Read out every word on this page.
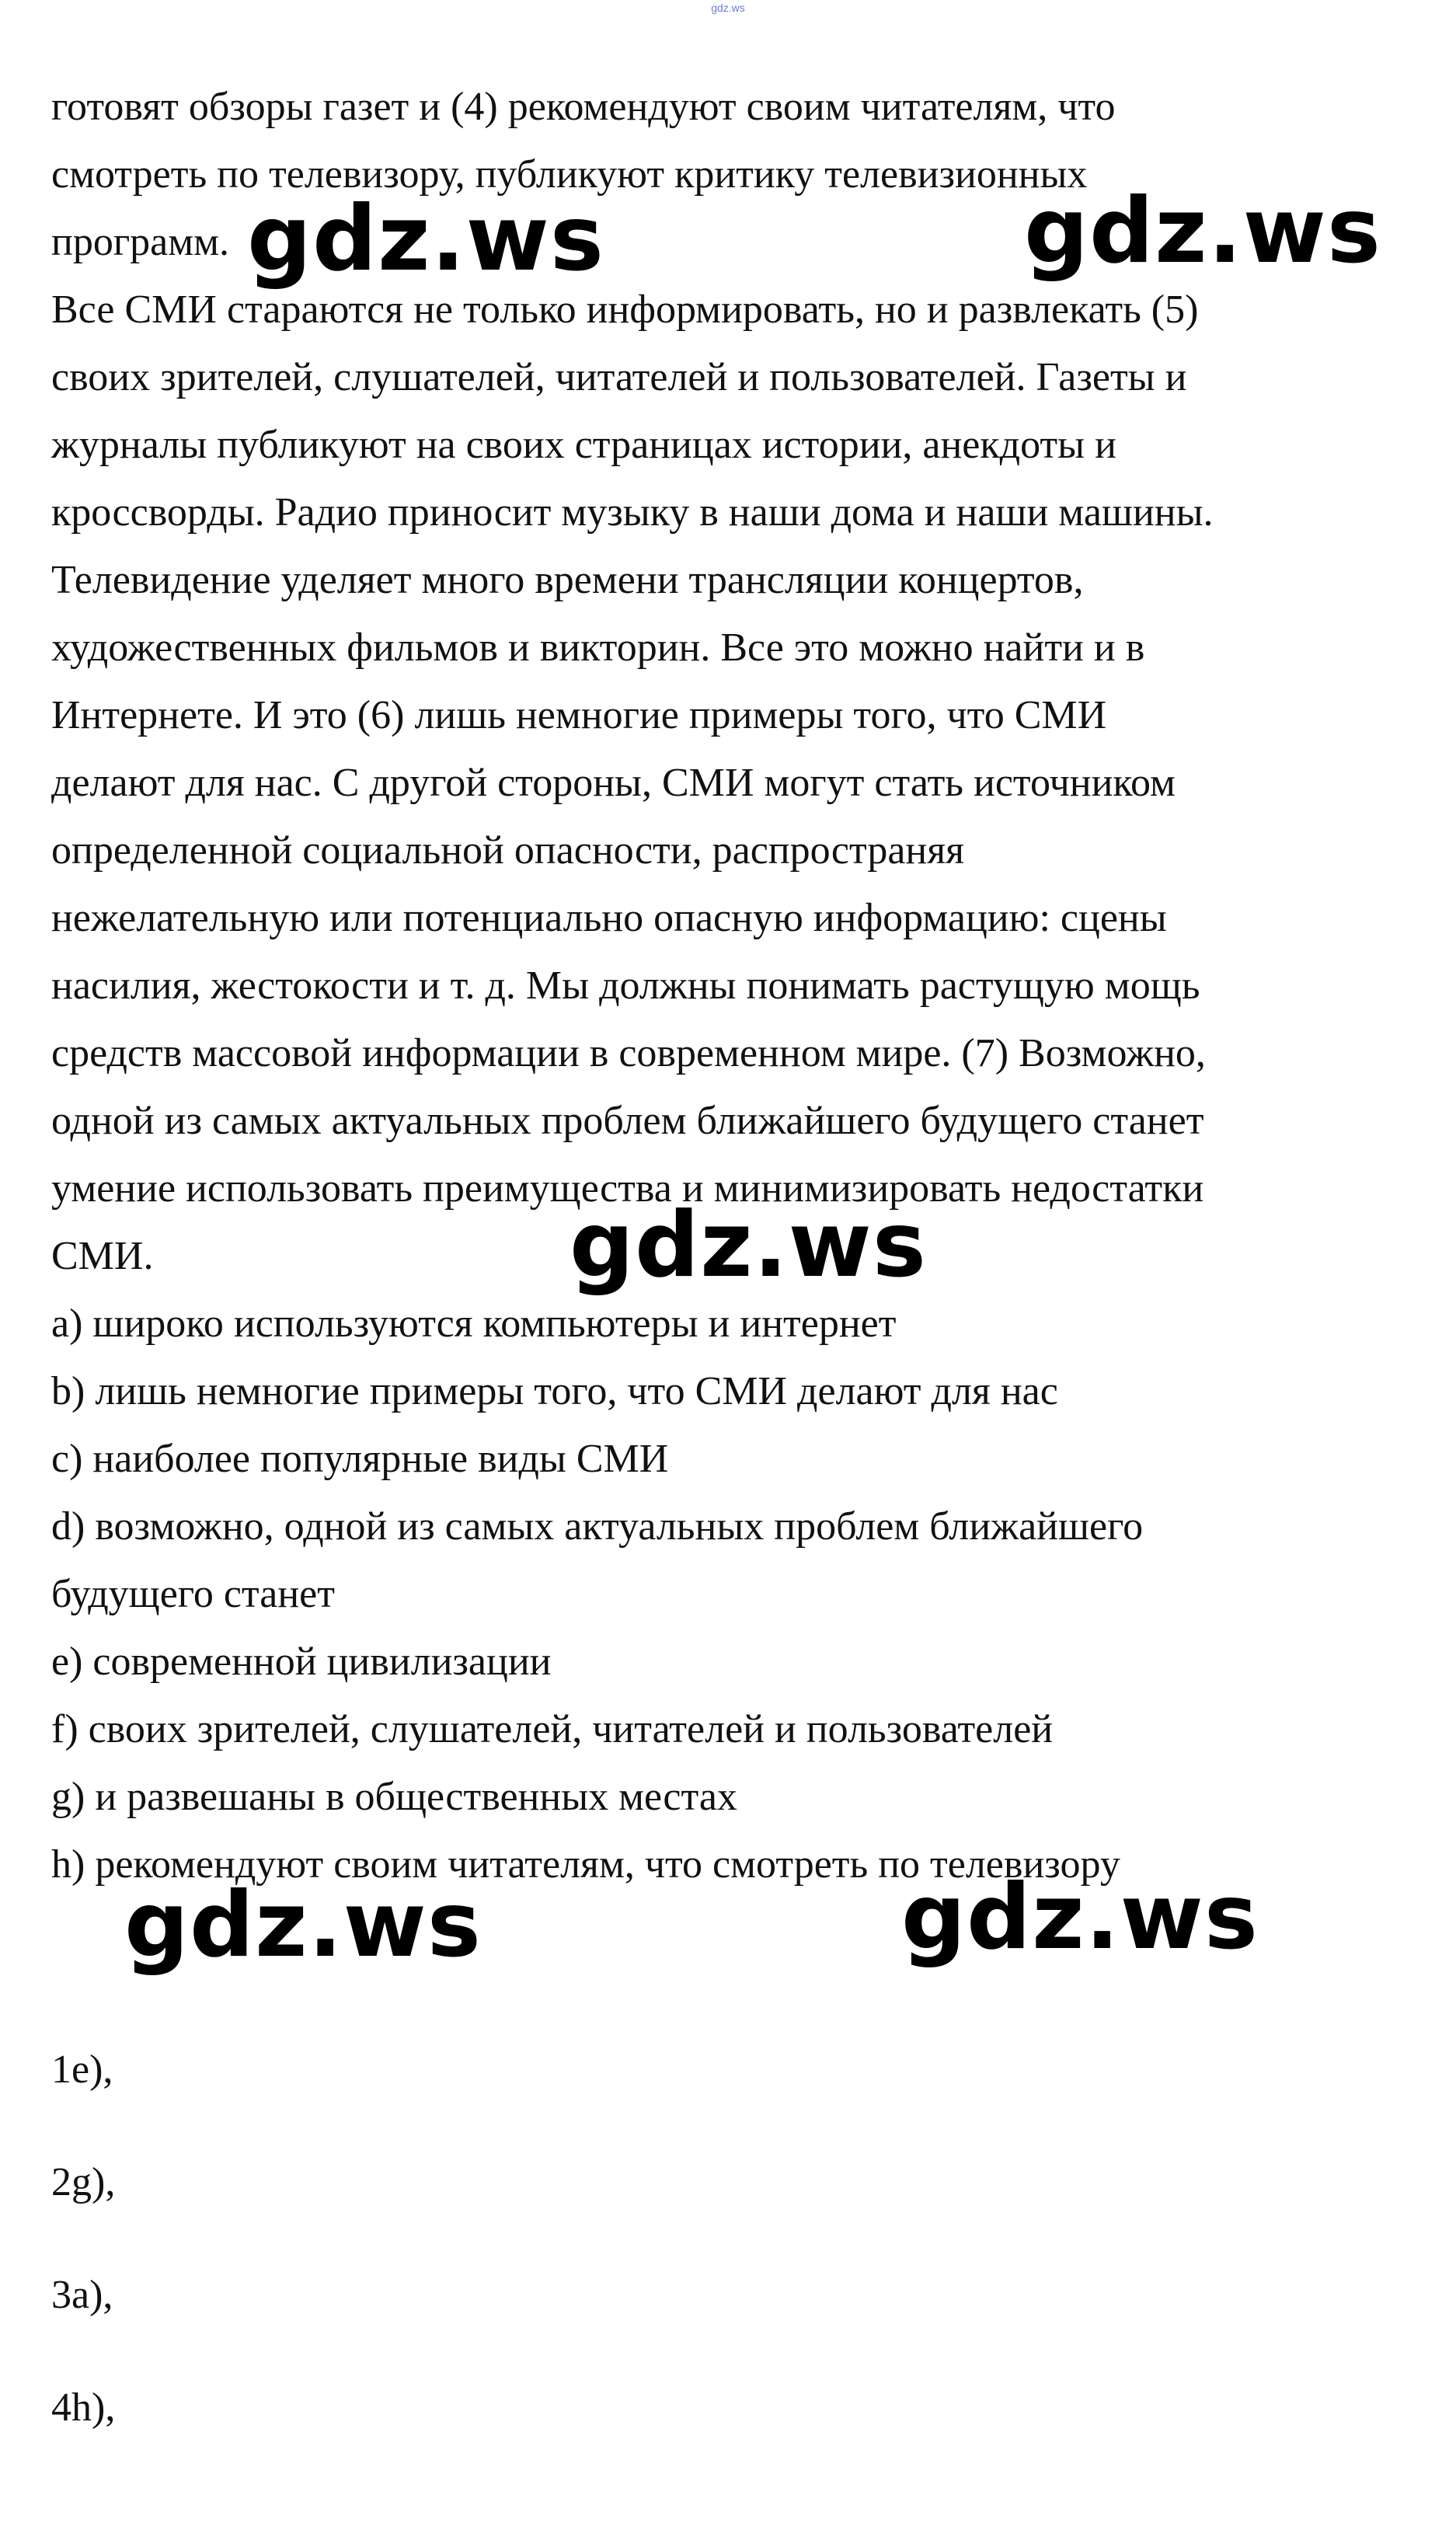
gdz.ws
готовят обзоры газет и (4) рекомендуют своим читателям, что
смотреть по телевизору, публикуют критику телевизионных
программ.
Все СМИ стараются не только информировать, но и развлекать (5)
своих зрителей, слушателей, читателей и пользователей. Газеты и
журналы публикуют на своих страницах истории, анекдоты и
кроссворды. Радио приносит музыку в наши дома и наши машины.
Телевидение уделяет много времени трансляции концертов,
художественных фильмов и викторин. Все это можно найти и в
Интернете. И это (6) лишь немногие примеры того, что СМИ
делают для нас. С другой стороны, СМИ могут стать источником
определенной социальной опасности, распространяя
нежелательную или потенциально опасную информацию: сцены
насилия, жестокости и т. д. Мы должны понимать растущую мощь
средств массовой информации в современном мире. (7) Возможно,
одной из самых актуальных проблем ближайшего будущего станет
умение использовать преимущества и минимизировать недостатки
СМИ.
a) широко используются компьютеры и интернет
b) лишь немногие примеры того, что СМИ делают для нас
c) наиболее популярные виды СМИ
d) возможно, одной из самых актуальных проблем ближайшего
будущего станет
e) современной цивилизации
f) своих зрителей, слушателей, читателей и пользователей
g) и развешаны в общественных местах
h) рекомендуют своим читателям, что смотреть по телевизору
1e),
2g),
3a),
4h),
gdz.ws	gdz.ws
gdz.ws
gdz.ws	gdz.ws
